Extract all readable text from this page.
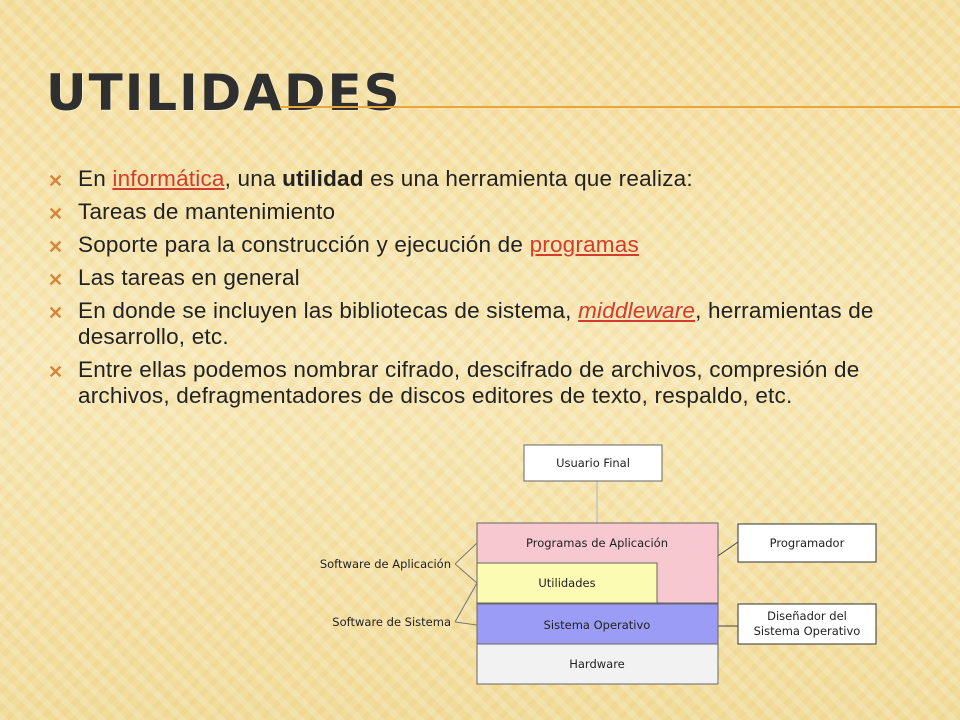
UTILIDADES
✕ En informática, una utilidad es una herramienta que realiza:
✕ Tareas de mantenimiento
✕ Soporte para la construcción y ejecución de programas
✕ Las tareas en general
✕ En donde se incluyen las bibliotecas de sistema, middleware, herramientas de desarrollo, etc.
✕ Entre ellas podemos nombrar cifrado, descifrado de archivos, compresión de archivos, defragmentadores de discos editores de texto, respaldo, etc.
Usuario Final
Programas de Aplicación
Utilidades
Sistema Operativo
Hardware
Programador
Diseñador del
Sistema Operativo
Software de Aplicación
Software de Sistema
